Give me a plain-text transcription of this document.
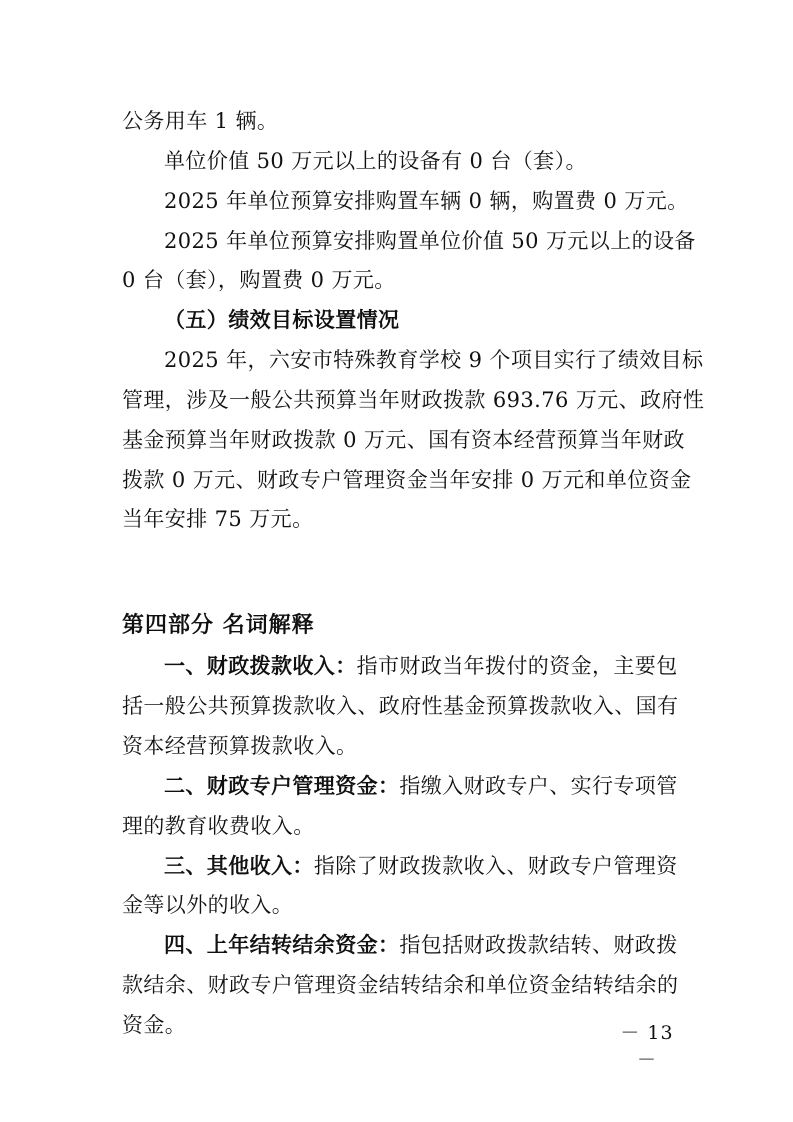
公务用车 1 辆。
单位价值 50 万元以上的设备有 0 台（套）。
2025 年单位预算安排购置车辆 0 辆，购置费 0 万元。
2025 年单位预算安排购置单位价值 50 万元以上的设备
0 台（套），购置费 0 万元。
（五）绩效目标设置情况
2025 年，六安市特殊教育学校 9 个项目实行了绩效目标
管理，涉及一般公共预算当年财政拨款 693.76 万元、政府性
基金预算当年财政拨款 0 万元、国有资本经营预算当年财政
拨款 0 万元、财政专户管理资金当年安排 0 万元和单位资金
当年安排 75 万元。
第四部分 名词解释
一、财政拨款收入：指市财政当年拨付的资金，主要包
括一般公共预算拨款收入、政府性基金预算拨款收入、国有
资本经营预算拨款收入。
二、财政专户管理资金：指缴入财政专户、实行专项管
理的教育收费收入。
三、其他收入：指除了财政拨款收入、财政专户管理资
金等以外的收入。
四、上年结转结余资金：指包括财政拨款结转、财政拨
款结余、财政专户管理资金结转结余和单位资金结转结余的
资金。	－ 13 －
